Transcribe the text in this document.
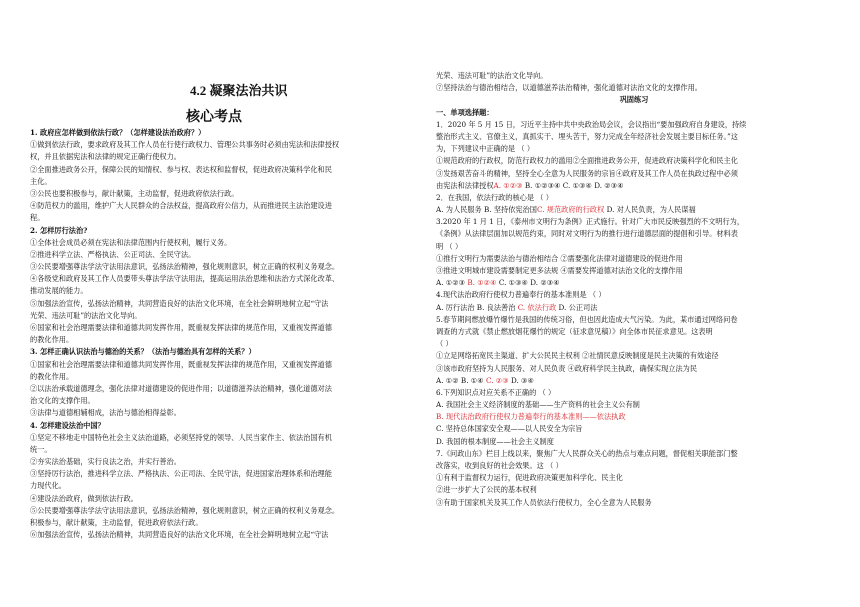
4.2 凝聚法治共识
核心考点
1. 政府应怎样做到依法行政？（怎样建设法治政府？）
①做到依法行政，要求政府及其工作人员在行使行政权力、管理公共事务时必须由宪法和法律授权
权，并且依据宪法和法律的规定正确行使权力。
②全面推进政务公开，保障公民的知情权、参与权、表达权和监督权，促进政府决策科学化和民
主化。
③公民也要积极参与，献计献策，主动监督，促进政府依法行政。
④防范权力的滥用，维护广大人民群众的合法权益，提高政府公信力，从而推进民主法治建设进
程。
2. 怎样厉行法治?
①全体社会成员必须在宪法和法律范围内行使权利，履行义务。
②推进科学立法、严格执法、公正司法、全民守法。
③公民要增强尊法学法守法用法意识，弘扬法治精神，强化规则意识，树立正确的权利义务观念。
④各级党和政府及其工作人员要带头尊法学法守法用法，提高运用法治思维和法治方式深化改革、
推动发展的能力。
⑤加强法治宣传，弘扬法治精神，共同营造良好的法治文化环境，在全社会鲜明地树立起“守法
光荣、违法可耻”的法治文化导向。
⑥国家和社会治理需要法律和道德共同发挥作用，既重视发挥法律的规范作用，又重视发挥道德
的教化作用。
3. 怎样正确认识法治与德治的关系？（法治与德治具有怎样的关系？）
①国家和社会治理需要法律和道德共同发挥作用，既重视发挥法律的规范作用，又重视发挥道德
的教化作用。
②以法治承载道德理念，强化法律对道德建设的促进作用；以道德滋养法治精神，强化道德对法
治文化的支撑作用。
③法律与道德相辅相成，法治与德治相得益彰。
4. 怎样建设法治中国？
①坚定不移地走中国特色社会主义法治道路，必须坚持党的领导、人民当家作主、依法治国有机
统一。
②夯实法治基础，实行良法之治，并实行善治。
③坚持厉行法治，推进科学立法、严格执法、公正司法、全民守法，促进国家治理体系和治理能
力现代化。
④建设法治政府，做到依法行政。
⑤公民要增强尊法学法守法用法意识，弘扬法治精神，强化规则意识，树立正确的权利义务观念。
积极参与，献计献策，主动监督，促进政府依法行政。
⑥加强法治宣传，弘扬法治精神，共同营造良好的法治文化环境，在全社会鲜明地树立起“守法
光荣、违法可耻”的法治文化导向。
⑦坚持法治与德治相结合，以道德滋养法治精神，强化道德对法治文化的支撑作用。
巩固练习
一、单项选择题：
1．2020 年 5 月 15 日，习近平主持中共中央政治局会议，会议指出“要加强政府自身建设，持续
整治形式主义、官僚主义，真抓实干、埋头苦干，努力完成全年经济社会发展主要目标任务。”这
为，下列建议中正确的是 （ ）
①规范政府的行政权，防范行政权力的滥用②全面推进政务公开，促进政府决策科学化和民主化
③发扬艰苦奋斗的精神，坚持全心全意为人民服务的宗旨④政府及其工作人员在执政过程中必须
由宪法和法律授权A. ①②③ B. ①②③④ C. ①③④ D. ②③④
2．在我国，依法行政的核心是 （ ）
A. 为人民服务 B. 坚持依宪治国C. 规范政府的行政权 D. 对人民负责，为人民谋福
3.2020 年 1 月 1 日，《泰州市文明行为条例》正式施行。针对广大市民反映强烈的不文明行为，
《条例》从法律层面加以规范约束，同时对文明行为的推行进行道德层面的提倡和引导。材料表
明 （ ）
①推行文明行为需要法治与德治相结合 ②需要强化法律对道德建设的促进作用
③推进文明城市建设需要制定更多法规 ④需要发挥道德对法治文化的支撑作用
A. ①②③ B. ①②④ C. ①③④ D. ②③④
4.现代法治政府行使权力普遍奉行的基本准则是 （ ）
A. 厉行法治 B. 良法善治 C. 依法行政 D. 公正司法
5.春节期间燃放爆竹爆竹是我国的传统习俗，但也因此造成大气污染。为此，某市通过网络问卷
调查的方式就《禁止燃放烟花爆竹的规定（征求意见稿）》向全体市民征求意见。这表明
（ ）
①立足网络拓宽民主渠道、扩大公民民主权利 ②社情民意反映制度是民主决策的有效途径
③该市政府坚持为人民服务、对人民负责 ④政府科学民主执政，确保实现立法为民
A. ①② B. ①④ C. ②③ D. ③④
6.下列知识点对应关系不正确的 （ ）
A. 我国社会主义经济制度的基础——生产资料的社会主义公有制
B. 现代法治政府行使权力普遍奉行的基本准则——依法执政
C. 坚持总体国家安全观——以人民安全为宗旨
D. 我国的根本制度——社会主义制度
7.《问政山东》栏目上线以来，聚焦广大人民群众关心的热点与难点问题，督促相关职能部门整
改落实，收到良好的社会效果。这 （ ）
①有利于监督权力运行，促进政府决策更加科学化、民主化
②进一步扩大了公民的基本权利
③有助于国家机关及其工作人员依法行使权力，全心全意为人民服务
